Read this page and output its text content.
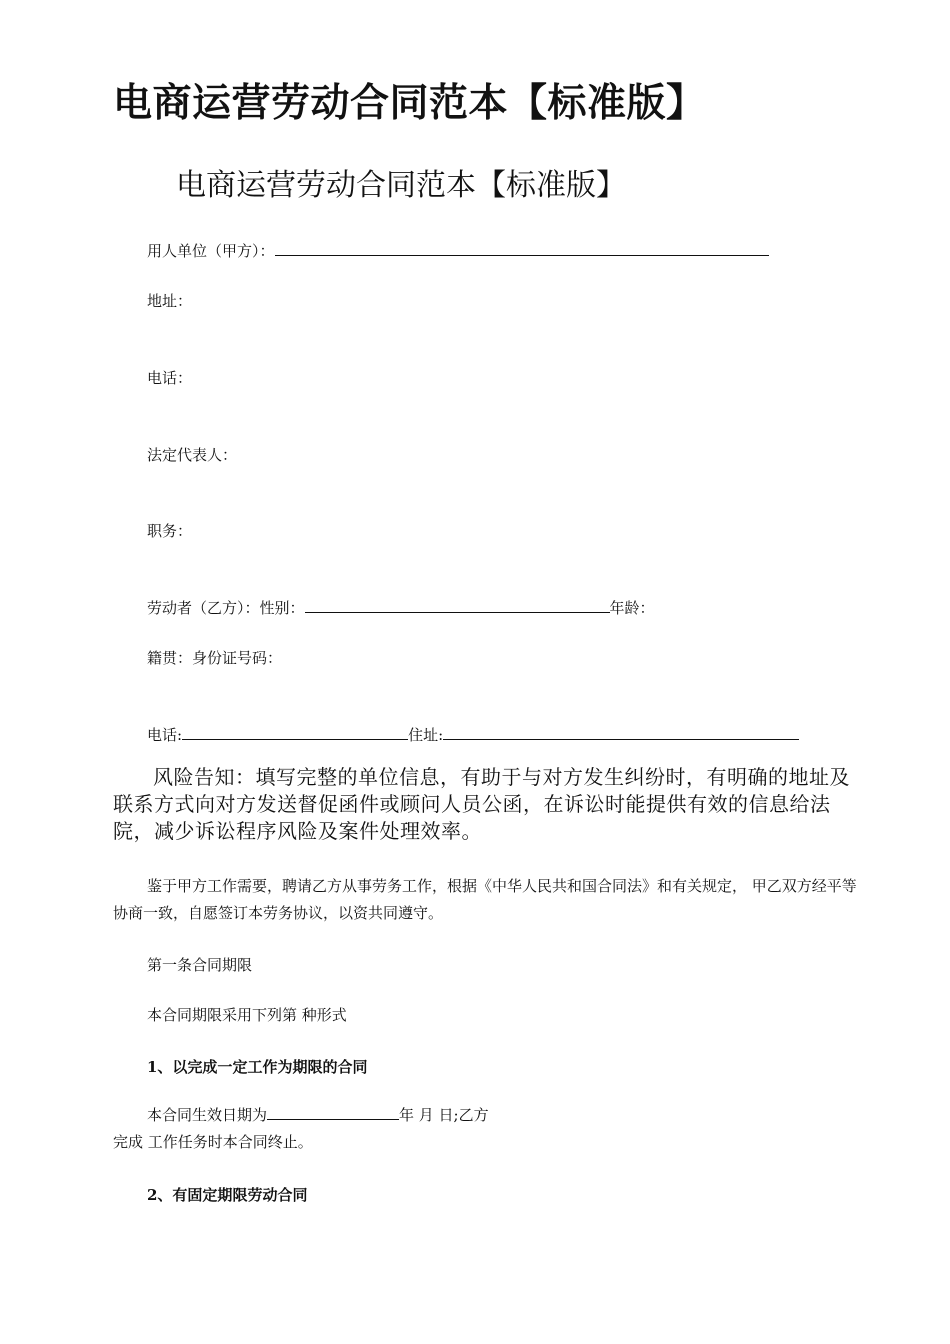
电商运营劳动合同范本【标准版】
电商运营劳动合同范本【标准版】
用人单位（甲方）：
地址：
电话：
法定代表人：
职务：
劳动者（乙方）：性别：	年龄：
籍贯：身份证号码：
电话:	住址:
风险告知：填写完整的单位信息，有助于与对方发生纠纷时，有明确的地址及联系方式向对方发送督促函件或顾问人员公函，在诉讼时能提供有效的信息给法院，减少诉讼程序风险及案件处理效率。
鉴于甲方工作需要，聘请乙方从事劳务工作，根据《中华人民共和国合同法》和有关规定， 甲乙双方经平等协商一致，自愿签订本劳务协议，以资共同遵守。
第一条合同期限
本合同期限采用下列第 种形式
1、以完成一定工作为期限的合同
本合同生效日期为	年 月 日;乙方
完成 工作任务时本合同终止。
2、有固定期限劳动合同
